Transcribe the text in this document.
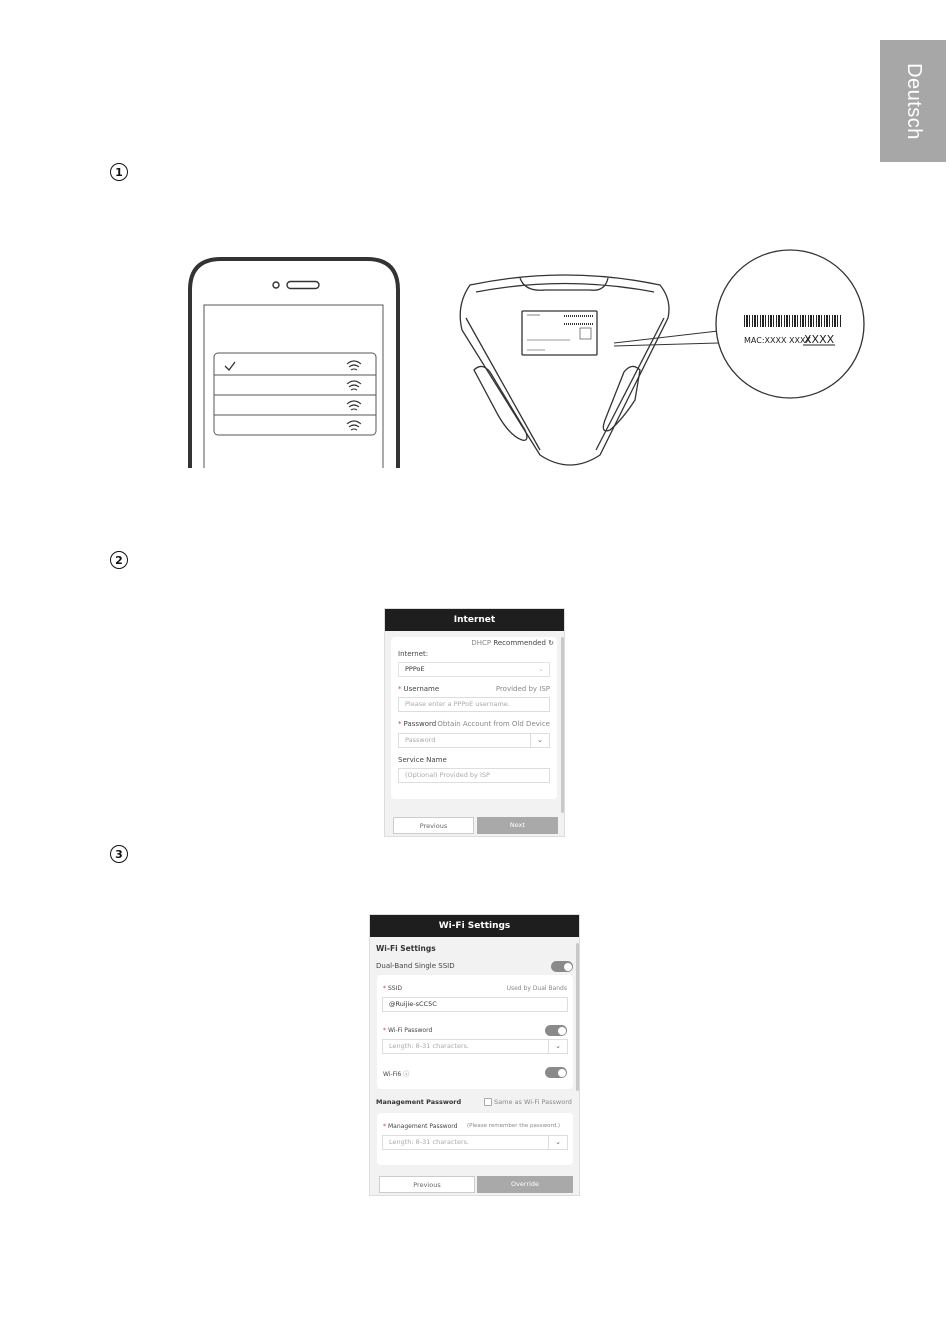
Deutsch
1
2
3
MAC:XXXX XXXX
XXXX
Internet
DHCP Recommended ↻
Internet:
PPPoE	⌄
* Username	Provided by ISP
Please enter a PPPoE username.
* Password Obtain Account from Old Device
Password	⌄
Service Name
(Optional) Provided by ISP
Previous	Next
Wi-Fi Settings
Wi-Fi Settings
Dual-Band Single SSID
* SSID	Used by Dual Bands
@Ruijie-sCC5C
* Wi-Fi Password
Length: 8-31 characters.	⌄
Wi-Fi6 ⓘ
Management Password	Same as Wi-Fi Password
* Management Password (Please remember the password.)
Length: 8-31 characters.	⌄
Previous	Override
